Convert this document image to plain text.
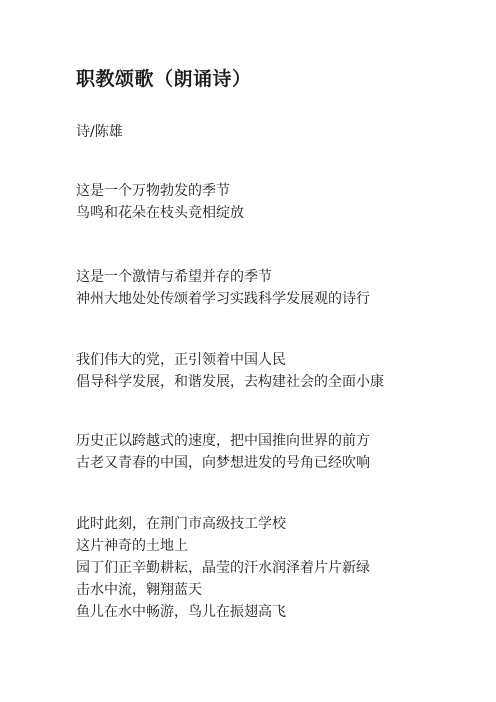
职教颂歌（朗诵诗）
诗/陈雄
这是一个万物勃发的季节
鸟鸣和花朵在枝头竞相绽放
这是一个激情与希望并存的季节
神州大地处处传颂着学习实践科学发展观的诗行
我们伟大的党，正引领着中国人民
倡导科学发展，和谐发展，去构建社会的全面小康
历史正以跨越式的速度，把中国推向世界的前方
古老又青春的中国，向梦想进发的号角已经吹响
此时此刻，在荆门市高级技工学校
这片神奇的土地上
园丁们正辛勤耕耘，晶莹的汗水润泽着片片新绿
击水中流，翱翔蓝天
鱼儿在水中畅游，鸟儿在振翅高飞
